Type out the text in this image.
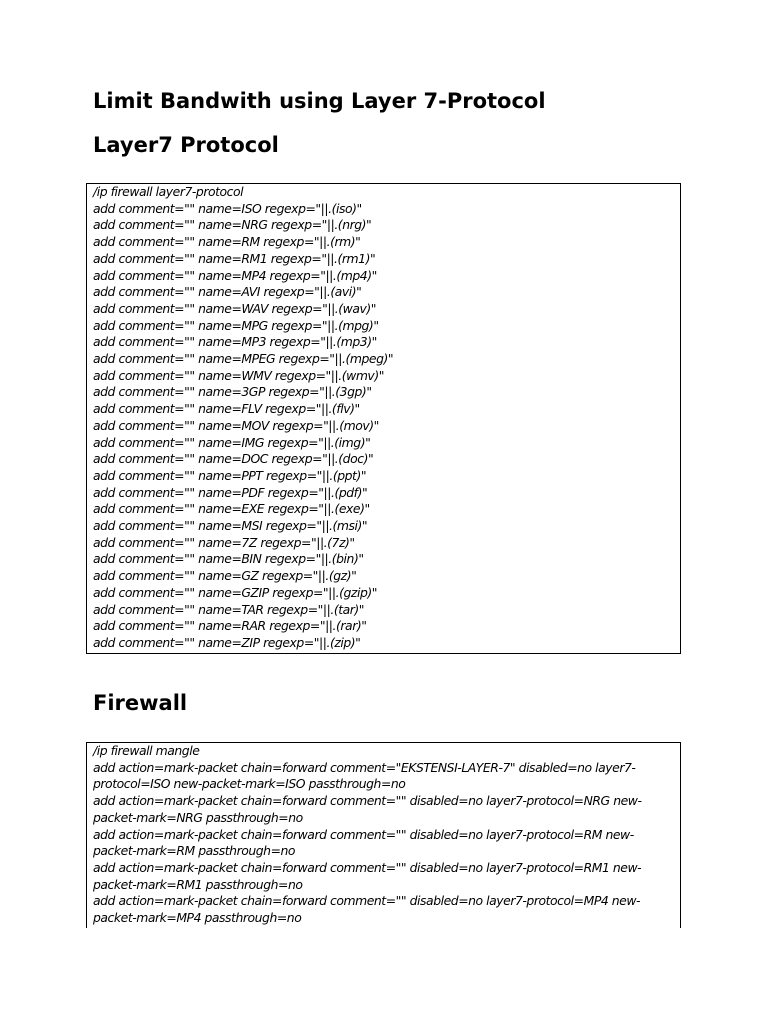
Limit Bandwith using Layer 7-Protocol
Layer7 Protocol
/ip firewall layer7-protocol
add comment="" name=ISO regexp="||.(iso)"
add comment="" name=NRG regexp="||.(nrg)"
add comment="" name=RM regexp="||.(rm)"
add comment="" name=RM1 regexp="||.(rm1)"
add comment="" name=MP4 regexp="||.(mp4)"
add comment="" name=AVI regexp="||.(avi)"
add comment="" name=WAV regexp="||.(wav)"
add comment="" name=MPG regexp="||.(mpg)"
add comment="" name=MP3 regexp="||.(mp3)"
add comment="" name=MPEG regexp="||.(mpeg)"
add comment="" name=WMV regexp="||.(wmv)"
add comment="" name=3GP regexp="||.(3gp)"
add comment="" name=FLV regexp="||.(flv)"
add comment="" name=MOV regexp="||.(mov)"
add comment="" name=IMG regexp="||.(img)"
add comment="" name=DOC regexp="||.(doc)"
add comment="" name=PPT regexp="||.(ppt)"
add comment="" name=PDF regexp="||.(pdf)"
add comment="" name=EXE regexp="||.(exe)"
add comment="" name=MSI regexp="||.(msi)"
add comment="" name=7Z regexp="||.(7z)"
add comment="" name=BIN regexp="||.(bin)"
add comment="" name=GZ regexp="||.(gz)"
add comment="" name=GZIP regexp="||.(gzip)"
add comment="" name=TAR regexp="||.(tar)"
add comment="" name=RAR regexp="||.(rar)"
add comment="" name=ZIP regexp="||.(zip)"
Firewall
/ip firewall mangle
add action=mark-packet chain=forward comment="EKSTENSI-LAYER-7" disabled=no layer7-protocol=ISO new-packet-mark=ISO passthrough=no
add action=mark-packet chain=forward comment="" disabled=no layer7-protocol=NRG new-packet-mark=NRG passthrough=no
add action=mark-packet chain=forward comment="" disabled=no layer7-protocol=RM new-packet-mark=RM passthrough=no
add action=mark-packet chain=forward comment="" disabled=no layer7-protocol=RM1 new-packet-mark=RM1 passthrough=no
add action=mark-packet chain=forward comment="" disabled=no layer7-protocol=MP4 new-packet-mark=MP4 passthrough=no
